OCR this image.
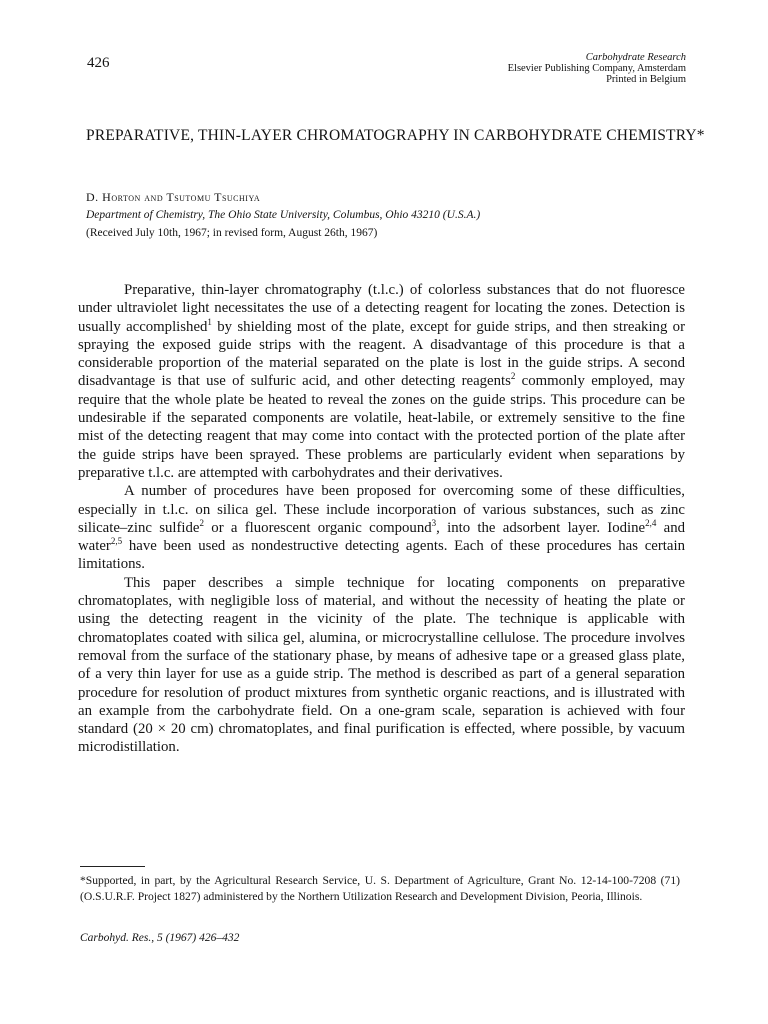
426	Carbohydrate Research
Elsevier Publishing Company, Amsterdam
Printed in Belgium
PREPARATIVE, THIN-LAYER CHROMATOGRAPHY IN CARBOHYDRATE CHEMISTRY*
D. Horton and Tsutomu Tsuchiya
Department of Chemistry, The Ohio State University, Columbus, Ohio 43210 (U.S.A.)
(Received July 10th, 1967; in revised form, August 26th, 1967)

Preparative, thin-layer chromatography (t.l.c.) of colorless substances that do not fluoresce under ultraviolet light necessitates the use of a detecting reagent for locating the zones. Detection is usually accomplished$^1$ by shielding most of the plate, except for guide strips, and then streaking or spraying the exposed guide strips with the reagent. A disadvantage of this procedure is that a considerable proportion of the material separated on the plate is lost in the guide strips. A second disadvantage is that use of sulfuric acid, and other detecting reagents$^2$ commonly employed, may require that the whole plate be heated to reveal the zones on the guide strips. This procedure can be undesirable if the separated components are volatile, heat-labile, or extremely sensitive to the fine mist of the detecting reagent that may come into contact with the protected portion of the plate after the guide strips have been sprayed. These problems are particularly evident when separations by preparative t.l.c. are attempted with carbohydrates and their derivatives.

A number of procedures have been proposed for overcoming some of these difficulties, especially in t.l.c. on silica gel. These include incorporation of various substances, such as zinc silicate–zinc sulfide$^2$ or a fluorescent organic compound$^3$, into the adsorbent layer. Iodine$^{2,4}$ and water$^{2,5}$ have been used as nondestructive detecting agents. Each of these procedures has certain limitations.

This paper describes a simple technique for locating components on preparative chromatoplates, with negligible loss of material, and without the necessity of heating the plate or using the detecting reagent in the vicinity of the plate. The technique is applicable with chromatoplates coated with silica gel, alumina, or microcrystalline cellulose. The procedure involves removal from the surface of the stationary phase, by means of adhesive tape or a greased glass plate, of a very thin layer for use as a guide strip. The method is described as part of a general separation procedure for resolution of product mixtures from synthetic organic reactions, and is illustrated with an example from the carbohydrate field. On a one-gram scale, separation is achieved with four standard (20 × 20 cm) chromatoplates, and final purification is effected, where possible, by vacuum microdistillation.

*Supported, in part, by the Agricultural Research Service, U. S. Department of Agriculture, Grant No. 12-14-100-7208 (71) (O.S.U.R.F. Project 1827) administered by the Northern Utilization Research and Development Division, Peoria, Illinois.
Carbohyd. Res., 5 (1967) 426–432
